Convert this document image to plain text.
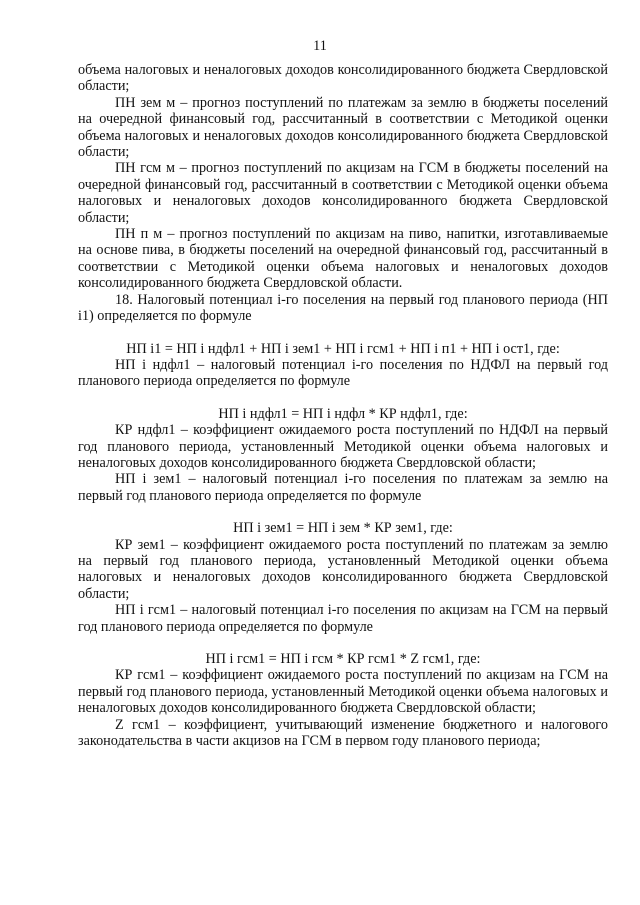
11

объема налоговых и неналоговых доходов консолидированного бюджета Свердловской области;

ПН зем м – прогноз поступлений по платежам за землю в бюджеты поселений на очередной финансовый год, рассчитанный в соответствии с Методикой оценки объема налоговых и неналоговых доходов консолидированного бюджета Свердловской области;

ПН гсм м – прогноз поступлений по акцизам на ГСМ в бюджеты поселений на очередной финансовый год, рассчитанный в соответствии с Методикой оценки объема налоговых и неналоговых доходов консолидированного бюджета Свердловской области;

ПН п м – прогноз поступлений по акцизам на пиво, напитки, изготавливаемые на основе пива, в бюджеты поселений на очередной финансовый год, рассчитанный в соответствии с Методикой оценки объема налоговых и неналоговых доходов консолидированного бюджета Свердловской области.

18. Налоговый потенциал i-го поселения на первый год планового периода (НП i1) определяется по формуле

НП i1 = НП i ндфл1 + НП i зем1 + НП i гсм1 + НП i п1 + НП i ост1, где:

НП i ндфл1 – налоговый потенциал i-го поселения по НДФЛ на первый год планового периода определяется по формуле

НП i ндфл1 = НП i ндфл * КР ндфл1, где:

КР ндфл1 – коэффициент ожидаемого роста поступлений по НДФЛ на первый год планового периода, установленный Методикой оценки объема налоговых и неналоговых доходов консолидированного бюджета Свердловской области;

НП i зем1 – налоговый потенциал i-го поселения по платежам за землю на первый год планового периода определяется по формуле

НП i зем1 = НП i зем * КР зем1, где:

КР зем1 – коэффициент ожидаемого роста поступлений по платежам за землю на первый год планового периода, установленный Методикой оценки объема налоговых и неналоговых доходов консолидированного бюджета Свердловской области;

НП i гсм1 – налоговый потенциал i-го поселения по акцизам на ГСМ на первый год планового периода определяется по формуле

НП i гсм1 = НП i гсм * КР гсм1 * Z гсм1, где:

КР гсм1 – коэффициент ожидаемого роста поступлений по акцизам на ГСМ на первый год планового периода, установленный Методикой оценки объема налоговых и неналоговых доходов консолидированного бюджета Свердловской области;

Z гсм1 – коэффициент, учитывающий изменение бюджетного и налогового законодательства в части акцизов на ГСМ в первом году планового периода;
